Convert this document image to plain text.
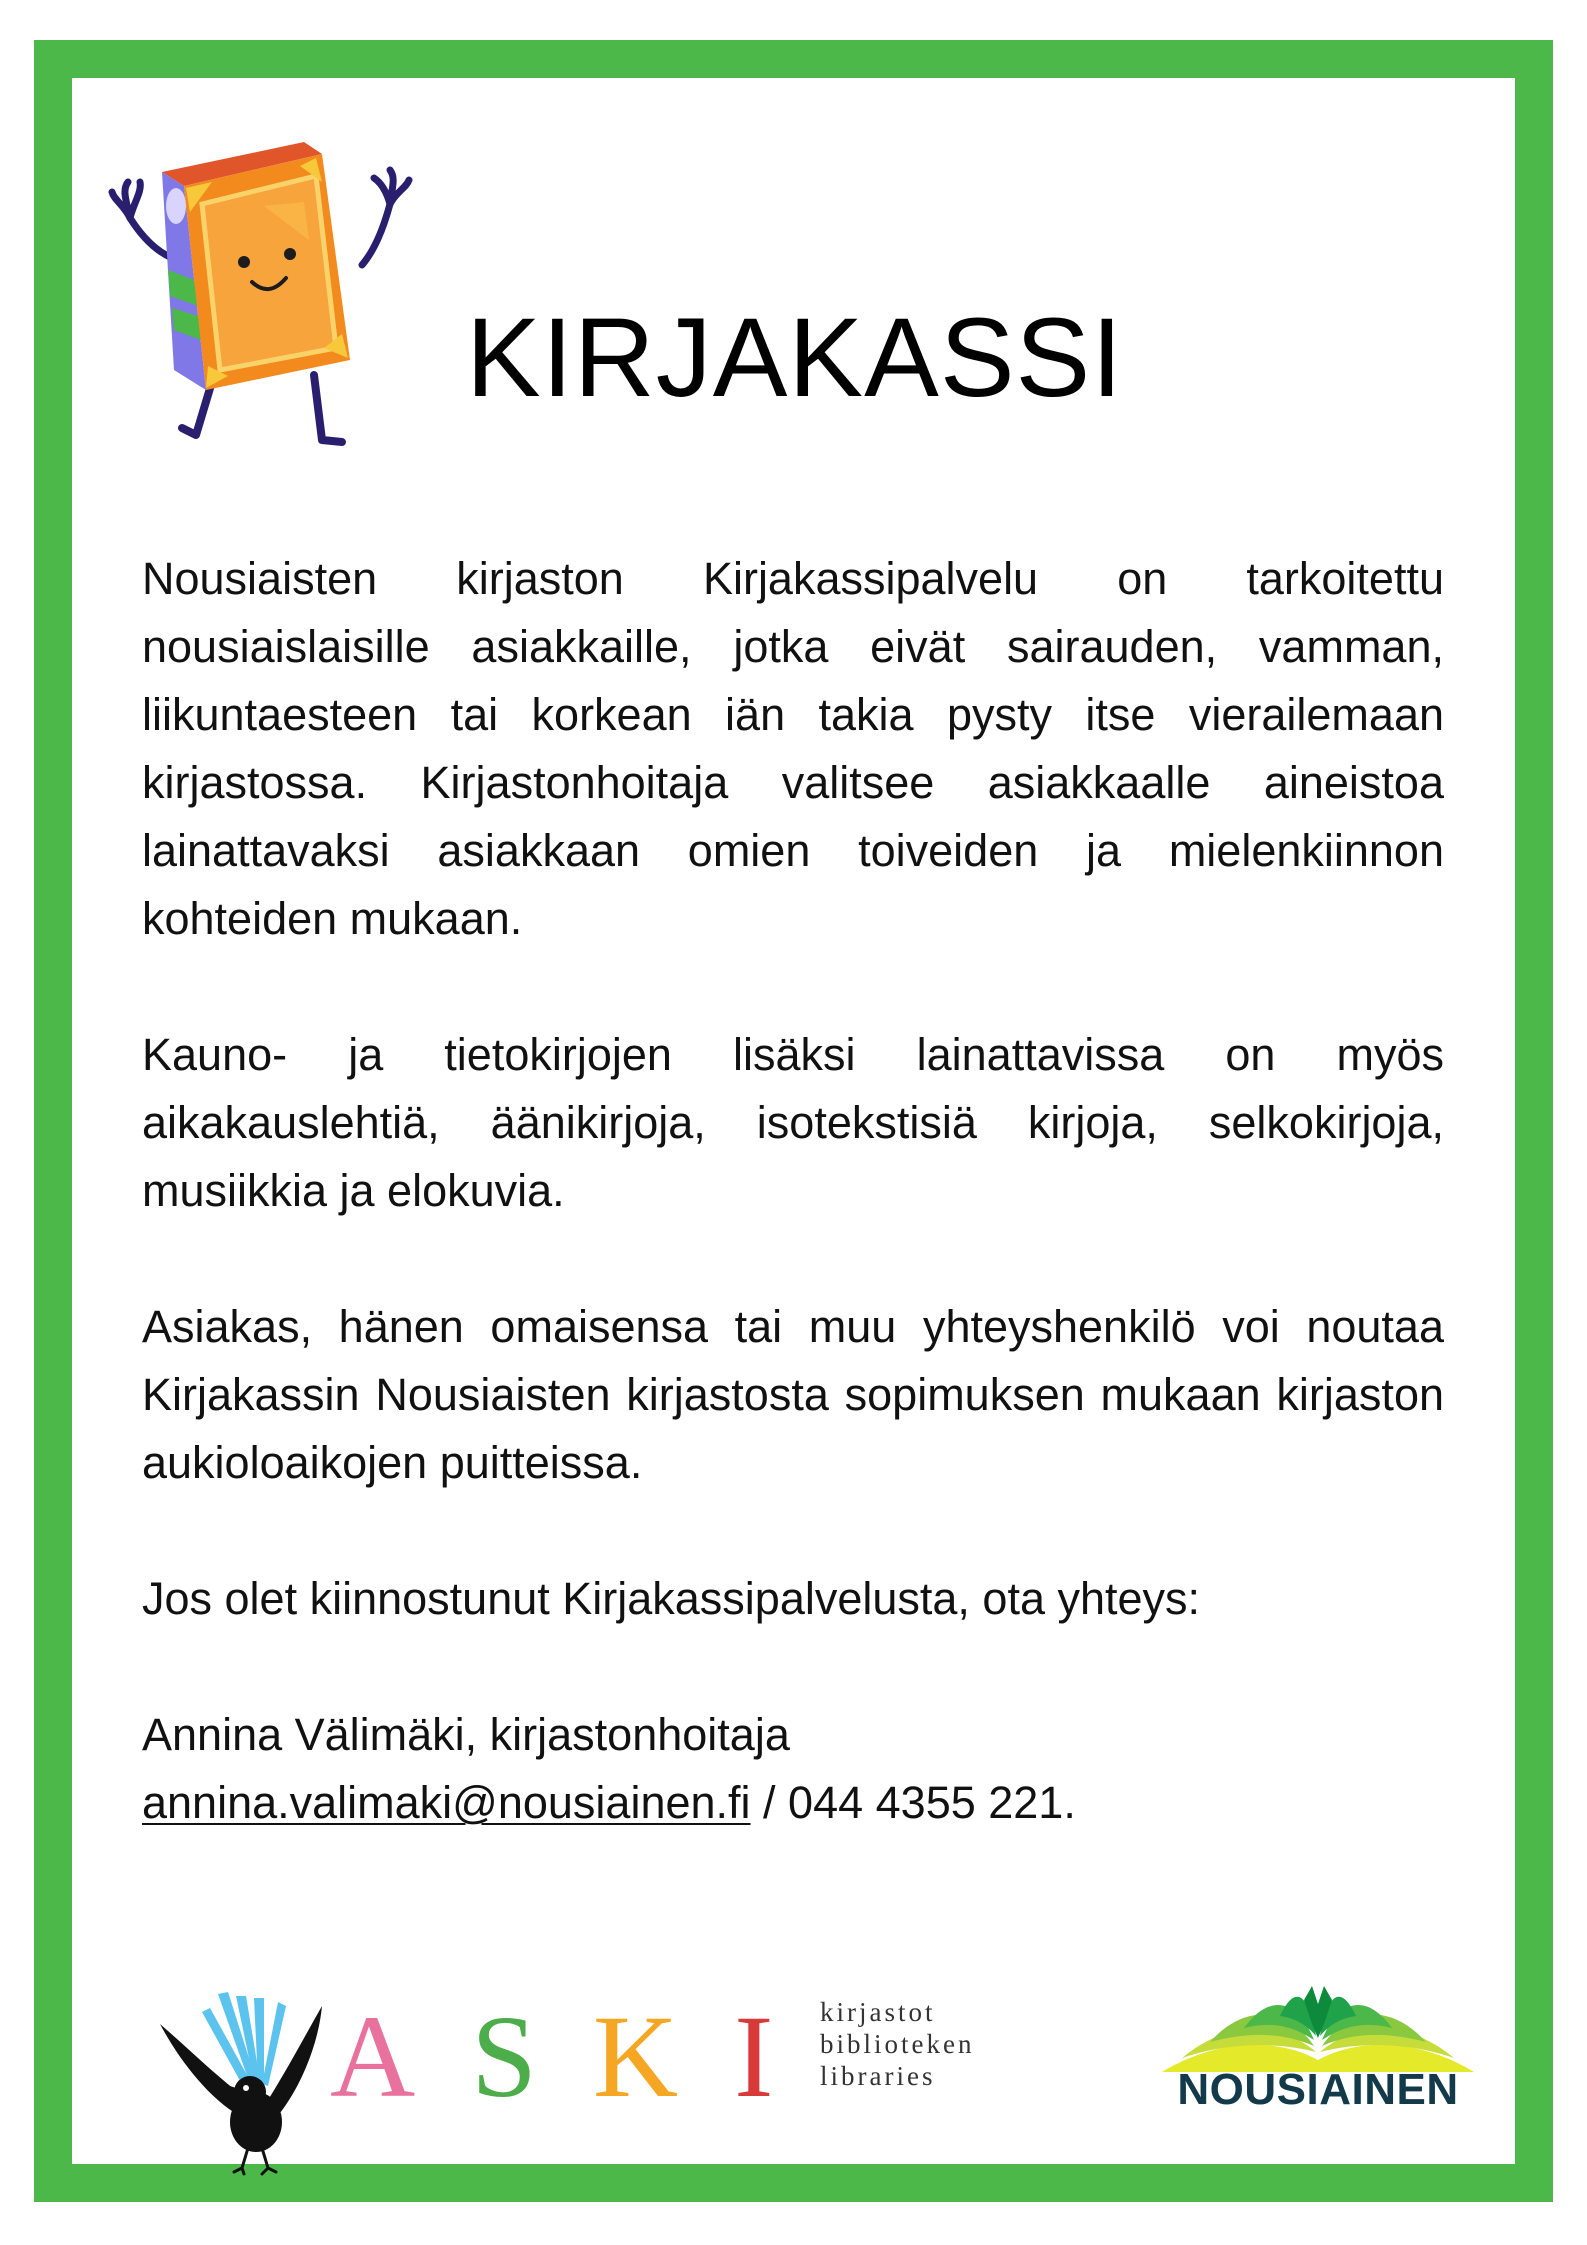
KIRJAKASSI

Nousiaisten kirjaston Kirjakassipalvelu on tarkoitettu nousiaislaisille asiakkaille, jotka eivät sairauden, vamman, liikuntaesteen tai korkean iän takia pysty itse vierailemaan kirjastossa. Kirjastonhoitaja valitsee asiakkaalle aineistoa lainattavaksi asiakkaan omien toiveiden ja mielenkiinnon kohteiden mukaan.

Kauno- ja tietokirjojen lisäksi lainattavissa on myös aikakauslehtiä, äänikirjoja, isotekstisiä kirjoja, selkokirjoja, musiikkia ja elokuvia.

Asiakas, hänen omaisensa tai muu yhteyshenkilö voi noutaa Kirjakassin Nousiaisten kirjastosta sopimuksen mukaan kirjaston aukioloaikojen puitteissa.

Jos olet kiinnostunut Kirjakassipalvelusta, ota yhteys:

Annina Välimäki, kirjastonhoitaja

annina.valimaki@nousiainen.fi / 044 4355 221.

A S K I kirjastot
biblioteken
libraries	NOUSIAINEN
